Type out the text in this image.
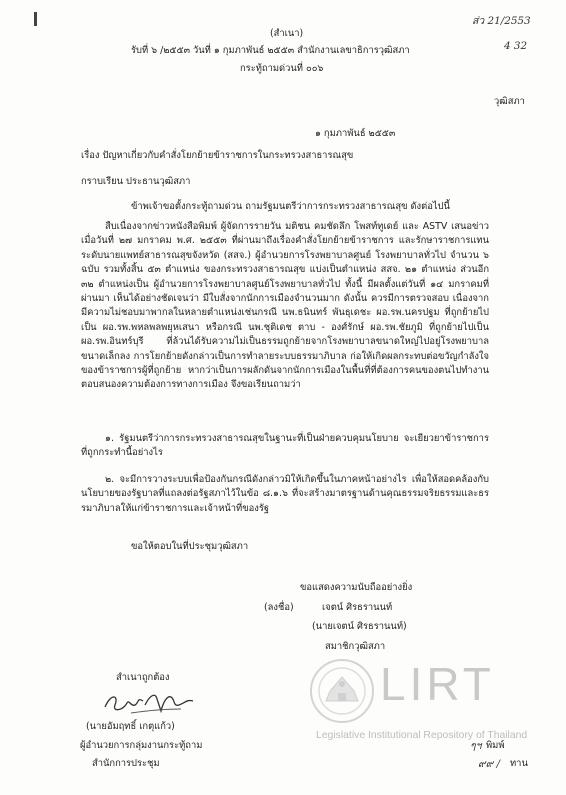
ส่ว 21/2553
4 32
(สำเนา)
รับที่ ๖ /๒๕๕๓ วันที่ ๑ กุมภาพันธ์ ๒๕๕๓ สำนักงานเลขาธิการวุฒิสภา
กระทู้ถามด่วนที่ ๐๐๖
วุฒิสภา
๑ กุมภาพันธ์ ๒๕๕๓
เรื่อง ปัญหาเกี่ยวกับคำสั่งโยกย้ายข้าราชการในกระทรวงสาธารณสุข
กราบเรียน ประธานวุฒิสภา
ข้าพเจ้าขอตั้งกระทู้ถามด่วน ถามรัฐมนตรีว่าการกระทรวงสาธารณสุข ดังต่อไปนี้
สืบเนื่องจากข่าวหนังสือพิมพ์ ผู้จัดการรายวัน มติชน คมชัดลึก โพสท์ทูเดย์ และ ASTV เสนอข่าวเมื่อวันที่ ๒๗ มกราคม พ.ศ. ๒๕๕๓ ที่ผ่านมาถึงเรื่องคำสั่งโยกย้ายข้าราชการ และรักษาราชการแทนระดับนายแพทย์สาธารณสุขจังหวัด (สสจ.) ผู้อำนวยการโรงพยาบาลศูนย์ โรงพยาบาลทั่วไป จำนวน ๖ ฉบับ รวมทั้งสิ้น ๕๓ ตำแหน่ง ของกระทรวงสาธารณสุข แบ่งเป็นตำแหน่ง สสจ. ๒๑ ตำแหน่ง ส่วนอีก ๓๒ ตำแหน่งเป็น ผู้อำนวยการโรงพยาบาลศูนย์โรงพยาบาลทั่วไป ทั้งนี้ มีผลตั้งแต่วันที่ ๑๔ มกราคมที่ผ่านมา เห็นได้อย่างชัดเจนว่า มีใบสั่งจากนักการเมืองจำนวนมาก ดังนั้น ควรมีการตรวจสอบ เนื่องจากมีความไม่ชอบมาพากลในหลายตำแหน่งเช่นกรณี นพ.ธนินทร์ พันธุเดชะ ผอ.รพ.นครปฐม ที่ถูกย้ายไปเป็น ผอ.รพ.พหลพลพยุหเสนา หรือกรณี นพ.ชุติเดช ตาบ - องศ์รักษ์ ผอ.รพ.ชัยภูมิ ที่ถูกย้ายไปเป็น ผอ.รพ.อินทร์บุรี ที่ล้วนได้รับความไม่เป็นธรรมถูกย้ายจากโรงพยาบาลขนาดใหญ่ไปอยู่โรงพยาบาลขนาดเล็กลง การโยกย้ายดังกล่าวเป็นการทำลายระบบธรรมาภิบาล ก่อให้เกิดผลกระทบต่อขวัญกำลังใจของข้าราชการผู้ที่ถูกย้าย หากว่าเป็นการผลักดันจากนักการเมืองในพื้นที่ที่ต้องการคนของตนไปทำงานตอบสนองความต้องการทางการเมือง จึงขอเรียนถามว่า
๑. รัฐมนตรีว่าการกระทรวงสาธารณสุขในฐานะที่เป็นฝ่ายควบคุมนโยบาย จะเยียวยาข้าราชการที่ถูกกระทำนี้อย่างไร
๒. จะมีการวางระบบเพื่อป้องกันกรณีดังกล่าวมิให้เกิดขึ้นในภาคหน้าอย่างไร เพื่อให้สอดคล้องกับนโยบายของรัฐบาลที่แถลงต่อรัฐสภาไว้ในข้อ ๘.๑.๖ ที่จะสร้างมาตรฐานด้านคุณธรรมจริยธรรมและธรรมาภิบาลให้แก่ข้าราชการและเจ้าหน้าที่ของรัฐ
ขอให้ตอบในที่ประชุมวุฒิสภา
ขอแสดงความนับถืออย่างยิ่ง
(ลงชื่อ)	เจตน์ ศิรธรานนท์
(นายเจตน์ ศิรธรานนท์)
สมาชิกวุฒิสภา
สำเนาถูกต้อง
(นายอัมฤทธิ์ เกตุแก้ว)
ผู้อำนวยการกลุ่มงานกระทู้ถาม
สำนักการประชุม
LIRT
Legislative Institutional Repository of Thailand
พิมพ์
ทาน
ๆฯ
๙๙ /
